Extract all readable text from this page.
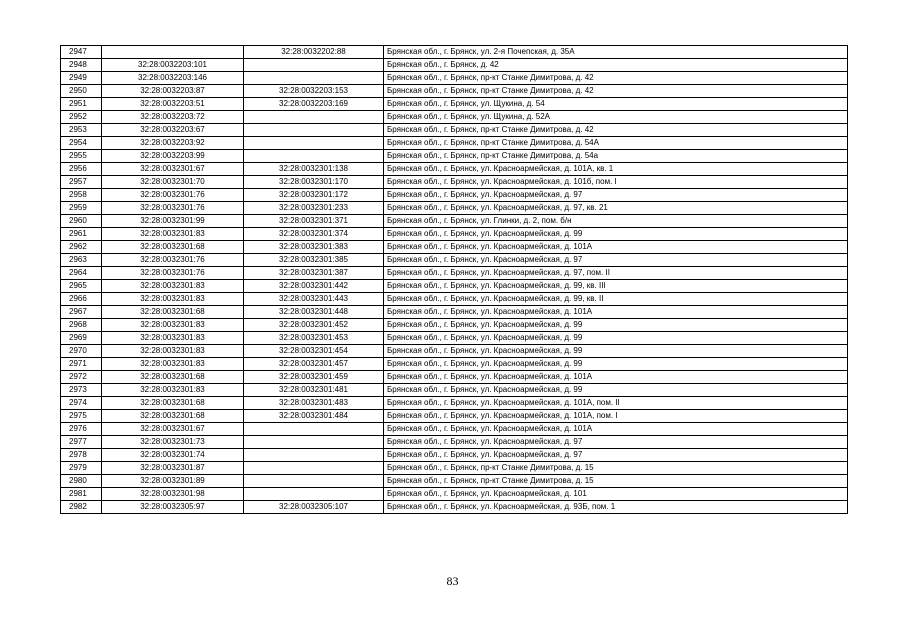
2947		32:28:0032202:88	Брянская обл., г. Брянск, ул. 2-я Почепская, д. 35А
2948	32:28:0032203:101		Брянская обл., г. Брянск, д. 42
2949	32:28:0032203:146		Брянская обл., г. Брянск, пр-кт Станке Димитрова, д. 42
2950	32:28:0032203:87	32:28:0032203:153	Брянская обл., г. Брянск, пр-кт Станке Димитрова, д. 42
2951	32:28:0032203:51	32:28:0032203:169	Брянская обл., г. Брянск, ул. Щукина, д. 54
2952	32:28:0032203:72		Брянская обл., г. Брянск, ул. Щукина, д. 52А
2953	32:28:0032203:67		Брянская обл., г. Брянск, пр-кт Станке Димитрова, д. 42
2954	32:28:0032203:92		Брянская обл., г. Брянск, пр-кт Станке Димитрова, д. 54А
2955	32:28:0032203:99		Брянская обл., г. Брянск, пр-кт Станке Димитрова, д. 54а
2956	32:28:0032301:67	32:28:0032301:138	Брянская обл., г. Брянск, ул. Красноармейская, д. 101А, кв. 1
2957	32:28:0032301:70	32:28:0032301:170	Брянская обл., г. Брянск, ул. Красноармейская, д. 101б, пом. I
2958	32:28:0032301:76	32:28:0032301:172	Брянская обл., г. Брянск, ул. Красноармейская, д. 97
2959	32:28:0032301:76	32:28:0032301:233	Брянская обл., г. Брянск, ул. Красноармейская, д. 97, кв. 21
2960	32:28:0032301:99	32:28:0032301:371	Брянская обл., г. Брянск, ул. Глинки, д. 2, пом. б/н
2961	32:28:0032301:83	32:28:0032301:374	Брянская обл., г. Брянск, ул. Красноармейская, д. 99
2962	32:28:0032301:68	32:28:0032301:383	Брянская обл., г. Брянск, ул. Красноармейская, д. 101А
2963	32:28:0032301:76	32:28:0032301:385	Брянская обл., г. Брянск, ул. Красноармейская, д. 97
2964	32:28:0032301:76	32:28:0032301:387	Брянская обл., г. Брянск, ул. Красноармейская, д. 97, пом. II
2965	32:28:0032301:83	32:28:0032301:442	Брянская обл., г. Брянск, ул. Красноармейская, д. 99, кв. III
2966	32:28:0032301:83	32:28:0032301:443	Брянская обл., г. Брянск, ул. Красноармейская, д. 99, кв. II
2967	32:28:0032301:68	32:28:0032301:448	Брянская обл., г. Брянск, ул. Красноармейская, д. 101А
2968	32:28:0032301:83	32:28:0032301:452	Брянская обл., г. Брянск, ул. Красноармейская, д. 99
2969	32:28:0032301:83	32:28:0032301:453	Брянская обл., г. Брянск, ул. Красноармейская, д. 99
2970	32:28:0032301:83	32:28:0032301:454	Брянская обл., г. Брянск, ул. Красноармейская, д. 99
2971	32:28:0032301:83	32:28:0032301:457	Брянская обл., г. Брянск, ул. Красноармейская, д. 99
2972	32:28:0032301:68	32:28:0032301:459	Брянская обл., г. Брянск, ул. Красноармейская, д. 101А
2973	32:28:0032301:83	32:28:0032301:481	Брянская обл., г. Брянск, ул. Красноармейская, д. 99
2974	32:28:0032301:68	32:28:0032301:483	Брянская обл., г. Брянск, ул. Красноармейская, д. 101А, пом. II
2975	32:28:0032301:68	32:28:0032301:484	Брянская обл., г. Брянск, ул. Красноармейская, д. 101А, пом. I
2976	32:28:0032301:67		Брянская обл., г. Брянск, ул. Красноармейская, д. 101А
2977	32:28:0032301:73		Брянская обл., г. Брянск, ул. Красноармейская, д. 97
2978	32:28:0032301:74		Брянская обл., г. Брянск, ул. Красноармейская, д. 97
2979	32:28:0032301:87		Брянская обл., г. Брянск, пр-кт Станке Димитрова, д. 15
2980	32:28:0032301:89		Брянская обл., г. Брянск, пр-кт Станке Димитрова, д. 15
2981	32:28:0032301:98		Брянская обл., г. Брянск, ул. Красноармейская, д. 101
2982	32:28:0032305:97	32:28:0032305:107	Брянская обл., г. Брянск, ул. Красноармейская, д. 93Б, пом. 1
83
